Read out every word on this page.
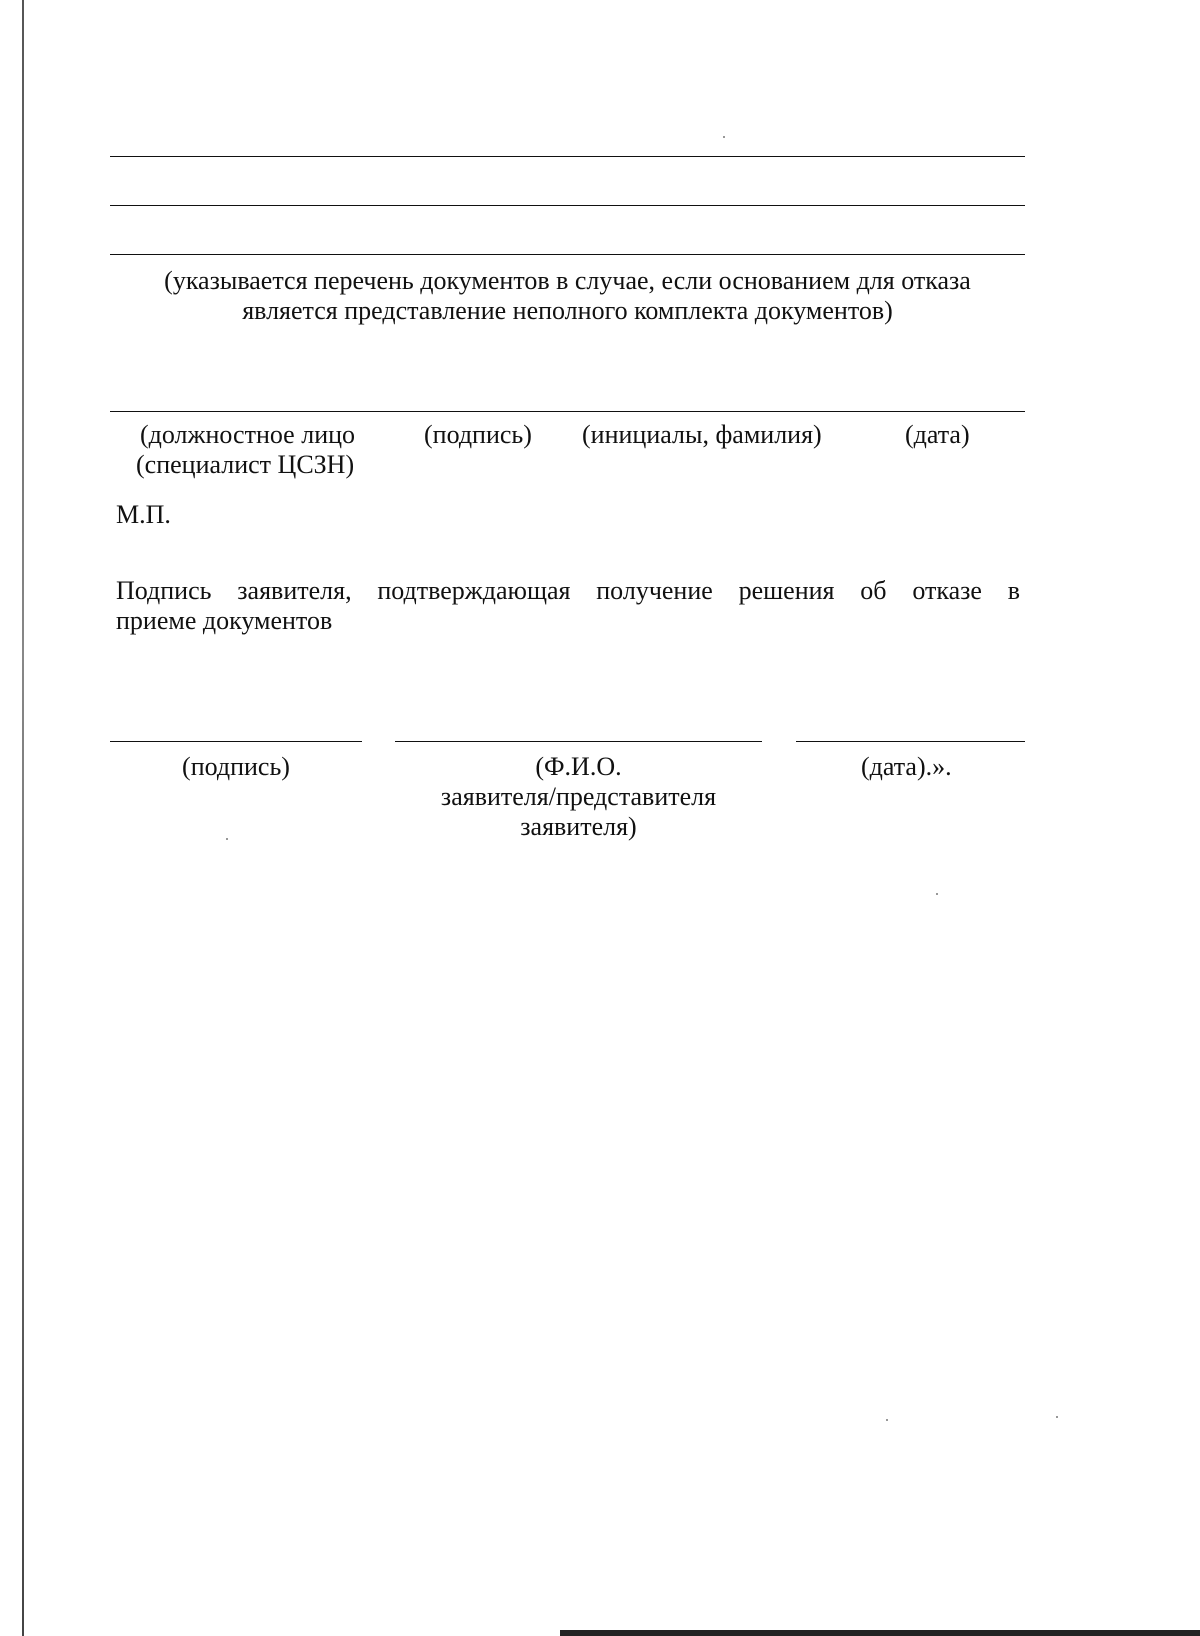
(указывается перечень документов в случае, если основанием для отказа
является представление неполного комплекта документов)
(должностное лицо
(специалист ЦСЗН)
(подпись) (инициалы, фамилия)	(дата)
М.П.
Подпись заявителя, подтверждающая получение решения об отказе в
приеме документов
(подпись)	(Ф.И.О.
заявителя/представителя
заявителя)
(дата).».
